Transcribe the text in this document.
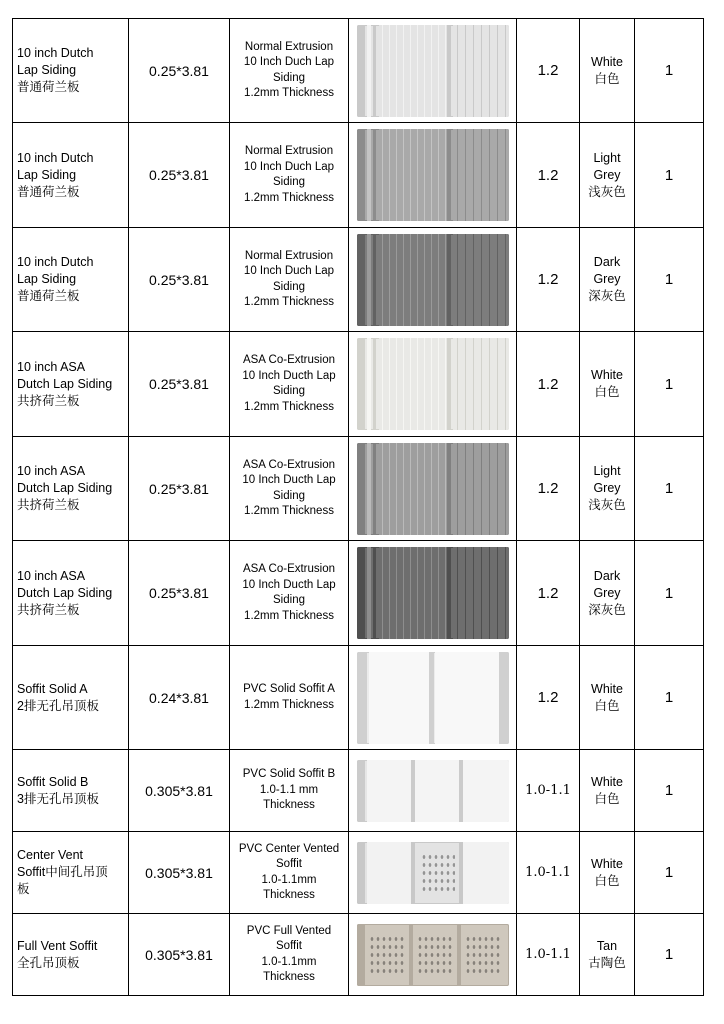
10 inch Dutch
Lap Siding
普通荷兰板	0.25*3.81	Normal Extrusion
10 Inch Duch Lap
Siding
1.2mm Thickness		1.2	White
白色	1

10 inch Dutch
Lap Siding
普通荷兰板	0.25*3.81	Normal Extrusion
10 Inch Duch Lap
Siding
1.2mm Thickness		1.2	Light
Grey
浅灰色	1

10 inch Dutch
Lap Siding
普通荷兰板	0.25*3.81	Normal Extrusion
10 Inch Duch Lap
Siding
1.2mm Thickness		1.2	Dark
Grey
深灰色	1

10 inch ASA
Dutch Lap Siding
共挤荷兰板	0.25*3.81	ASA Co-Extrusion
10 Inch Ducth Lap
Siding
1.2mm Thickness		1.2	White
白色	1

10 inch ASA
Dutch Lap Siding
共挤荷兰板	0.25*3.81	ASA Co-Extrusion
10 Inch Ducth Lap
Siding
1.2mm Thickness		1.2	Light
Grey
浅灰色	1

10 inch ASA
Dutch Lap Siding
共挤荷兰板	0.25*3.81	ASA Co-Extrusion
10 Inch Ducth Lap
Siding
1.2mm Thickness		1.2	Dark
Grey
深灰色	1

Soffit Solid A
2排无孔吊顶板	0.24*3.81	PVC Solid Soffit A
1.2mm Thickness		1.2	White
白色	1

Soffit Solid B
3排无孔吊顶板	0.305*3.81	PVC Solid Soffit B
1.0-1.1 mm
Thickness		1.0-1.1	White
白色	1

Center Vent
Soffit中间孔吊顶
板	0.305*3.81	PVC Center Vented
Soffit
1.0-1.1mm
Thickness		1.0-1.1	White
白色	1

Full Vent Soffit
全孔吊顶板	0.305*3.81	PVC Full Vented
Soffit
1.0-1.1mm
Thickness		1.0-1.1	Tan
古陶色	1
